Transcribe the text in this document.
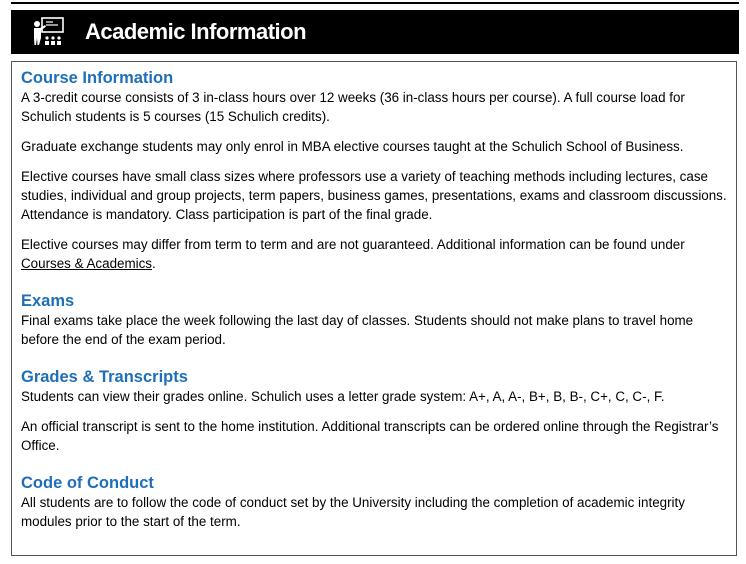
Academic Information
Course Information

A 3-credit course consists of 3 in-class hours over 12 weeks (36 in-class hours per course). A full course load for Schulich students is 5 courses (15 Schulich credits).

Graduate exchange students may only enrol in MBA elective courses taught at the Schulich School of Business.

Elective courses have small class sizes where professors use a variety of teaching methods including lectures, case studies, individual and group projects, term papers, business games, presentations, exams and classroom discussions. Attendance is mandatory. Class participation is part of the final grade.

Elective courses may differ from term to term and are not guaranteed. Additional information can be found under Courses & Academics.

Exams

Final exams take place the week following the last day of classes. Students should not make plans to travel home before the end of the exam period.

Grades & Transcripts

Students can view their grades online. Schulich uses a letter grade system: A+, A, A-, B+, B, B-, C+, C, C-, F.

An official transcript is sent to the home institution. Additional transcripts can be ordered online through the Registrar’s Office.

Code of Conduct

All students are to follow the code of conduct set by the University including the completion of academic integrity modules prior to the start of the term.
